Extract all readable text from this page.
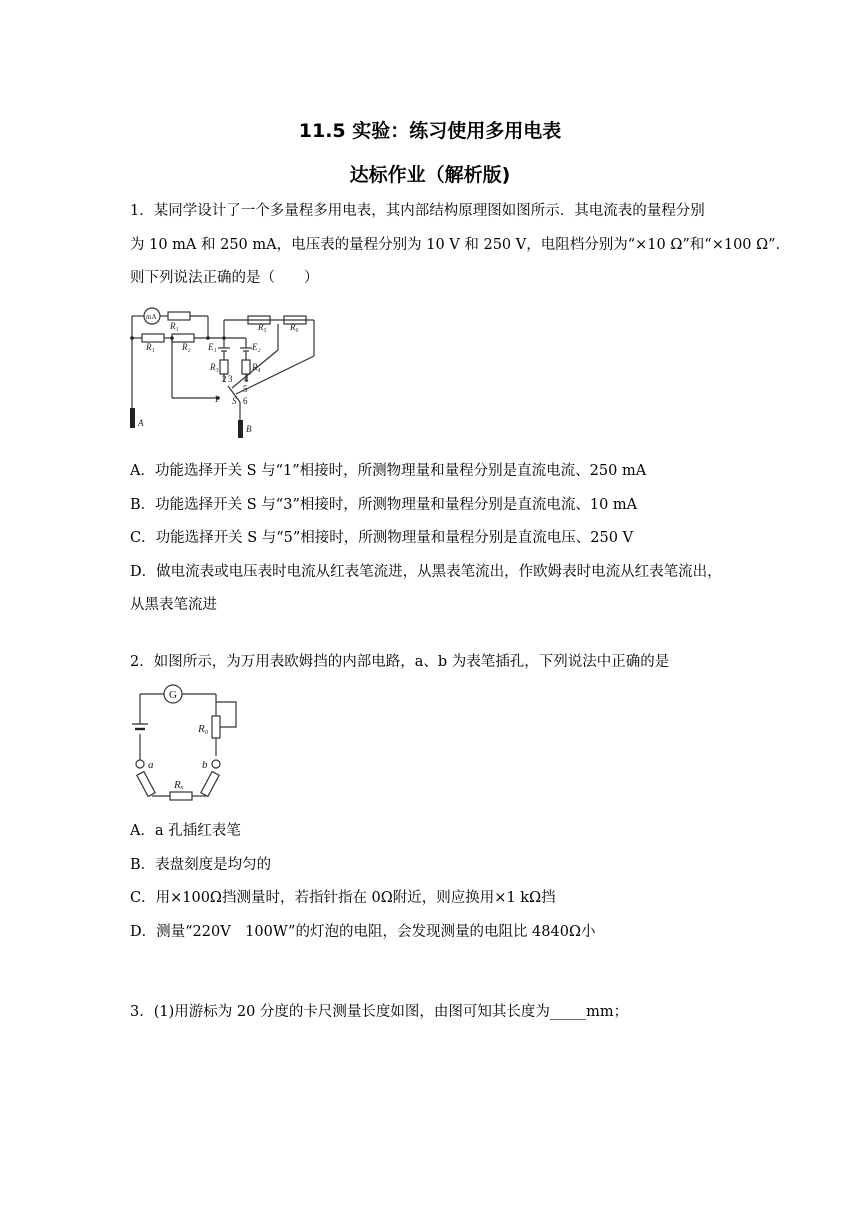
11.5 实验：练习使用多用电表
达标作业（解析版)
1．某同学设计了一个多量程多用电表，其内部结构原理图如图所示．其电流表的量程分别
为 10 mA 和 250 mA，电压表的量程分别为 10 V 和 250 V，电阻档分别为“×10 Ω”和“×100 Ω”．
则下列说法正确的是（　　）
mA
R₁
R₁	R₂ E₁	E₂
R₃	R₄
R₅	R₆
1
2 3 4
5
6
S
A
B
A．功能选择开关 S 与“1”相接时，所测物理量和量程分别是直流电流、250 mA
B．功能选择开关 S 与“3”相接时，所测物理量和量程分别是直流电流、10 mA
C．功能选择开关 S 与“5”相接时，所测物理量和量程分别是直流电压、250 V
D．做电流表或电压表时电流从红表笔流进，从黑表笔流出，作欧姆表时电流从红表笔流出，
从黑表笔流进
2．如图所示，为万用表欧姆挡的内部电路，a、b 为表笔插孔，下列说法中正确的是
G
R₀
a	b
Rₓ
A．a 孔插红表笔
B．表盘刻度是均匀的
C．用×100Ω挡测量时，若指针指在 0Ω附近，则应换用×1 kΩ挡
D．测量“220V　100W”的灯泡的电阻，会发现测量的电阻比 4840Ω小
3．(1)用游标为 20 分度的卡尺测量长度如图，由图可知其长度为_____mm；
